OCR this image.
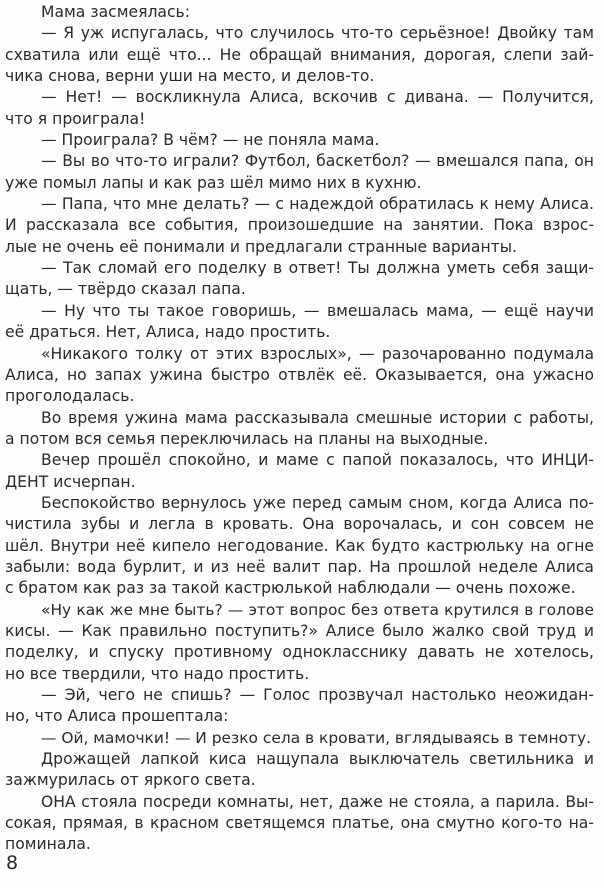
Мама засмеялась:
— Я уж испугалась, что случилось что-то серьёзное! Двойку там
схватила или ещё что... Не обращай внимания, дорогая, слепи зай-
чика снова, верни уши на место, и делов-то.
— Нет! — воскликнула Алиса, вскочив с дивана. — Получится,
что я проиграла!
— Проиграла? В чём? — не поняла мама.
— Вы во что-то играли? Футбол, баскетбол? — вмешался папа, он
уже помыл лапы и как раз шёл мимо них в кухню.
— Папа, что мне делать? — с надеждой обратилась к нему Алиса.
И рассказала все события, произошедшие на занятии. Пока взрос-
лые не очень её понимали и предлагали странные варианты.
— Так сломай его поделку в ответ! Ты должна уметь себя защи-
щать, — твёрдо сказал папа.
— Ну что ты такое говоришь, — вмешалась мама, — ещё научи
её драться. Нет, Алиса, надо простить.
«Никакого толку от этих взрослых», — разочарованно подумала
Алиса, но запах ужина быстро отвлёк её. Оказывается, она ужасно
проголодалась.
Во время ужина мама рассказывала смешные истории с работы,
а потом вся семья переключилась на планы на выходные.
Вечер прошёл спокойно, и маме с папой показалось, что ИНЦИ-
ДЕНТ исчерпан.
Беспокойство вернулось уже перед самым сном, когда Алиса по-
чистила зубы и легла в кровать. Она ворочалась, и сон совсем не
шёл. Внутри неё кипело негодование. Как будто кастрюльку на огне
забыли: вода бурлит, и из неё валит пар. На прошлой неделе Алиса
с братом как раз за такой кастрюлькой наблюдали — очень похоже.
«Ну как же мне быть? — этот вопрос без ответа крутился в голове
кисы. — Как правильно поступить?» Алисе было жалко свой труд и
поделку, и спуску противному однокласснику давать не хотелось,
но все твердили, что надо простить.
— Эй, чего не спишь? — Голос прозвучал настолько неожидан-
но, что Алиса прошептала:
— Ой, мамочки! — И резко села в кровати, вглядываясь в темноту.
Дрожащей лапкой киса нащупала выключатель светильника и
зажмурилась от яркого света.
ОНА стояла посреди комнаты, нет, даже не стояла, а парила. Вы-
сокая, прямая, в красном светящемся платье, она смутно кого-то на-
поминала.
8
